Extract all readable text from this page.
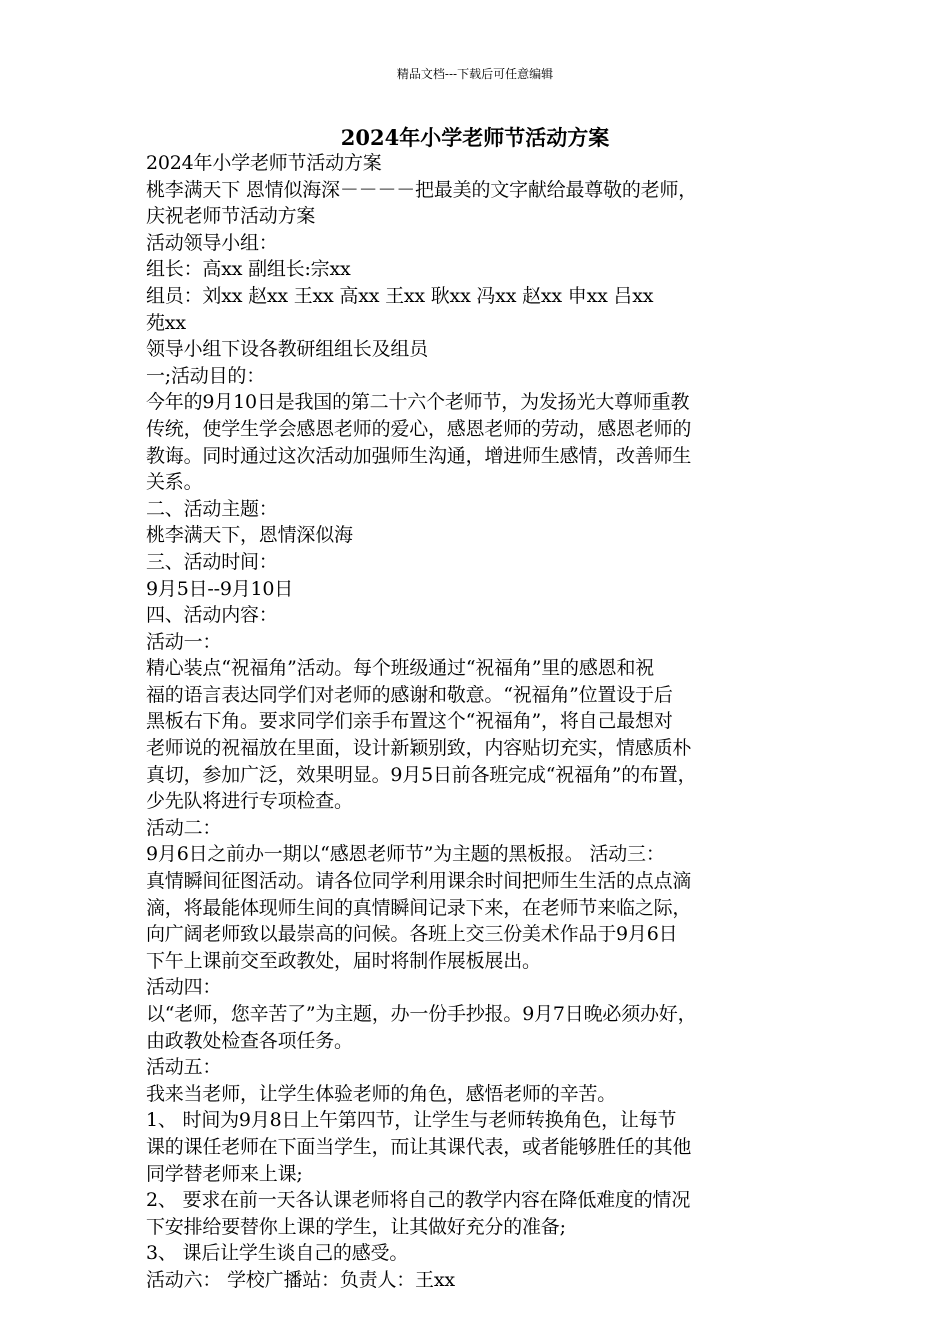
精品文档---下载后可任意编辑
2024年小学老师节活动方案
2024年小学老师节活动方案
桃李满天下 恩情似海深－－－－把最美的文字献给最尊敬的老师，
庆祝老师节活动方案
活动领导小组：
组长：高xx 副组长:宗xx
组员：刘xx 赵xx 王xx 高xx 王xx 耿xx 冯xx 赵xx 申xx 吕xx
苑xx
领导小组下设各教研组组长及组员
一;活动目的：
今年的9月10日是我国的第二十六个老师节，为发扬光大尊师重教
传统，使学生学会感恩老师的爱心，感恩老师的劳动，感恩老师的
教诲。同时通过这次活动加强师生沟通，增进师生感情，改善师生
关系。
二、活动主题：
桃李满天下，恩情深似海
三、活动时间：
9月5日--9月10日
四、活动内容：
活动一：
精心装点“祝福角”活动。每个班级通过“祝福角”里的感恩和祝
福的语言表达同学们对老师的感谢和敬意。“祝福角”位置设于后
黑板右下角。要求同学们亲手布置这个“祝福角”，将自己最想对
老师说的祝福放在里面，设计新颖别致，内容贴切充实，情感质朴
真切，参加广泛，效果明显。9月5日前各班完成“祝福角”的布置，
少先队将进行专项检查。
活动二：
9月6日之前办一期以“感恩老师节”为主题的黑板报。 活动三：
真情瞬间征图活动。请各位同学利用课余时间把师生生活的点点滴
滴，将最能体现师生间的真情瞬间记录下来，在老师节来临之际，
向广阔老师致以最崇高的问候。各班上交三份美术作品于9月6日
下午上课前交至政教处，届时将制作展板展出。
活动四：
以“老师，您辛苦了”为主题，办一份手抄报。9月7日晚必须办好，
由政教处检查各项任务。
活动五：
我来当老师，让学生体验老师的角色，感悟老师的辛苦。
1、 时间为9月8日上午第四节，让学生与老师转换角色，让每节
课的课任老师在下面当学生，而让其课代表，或者能够胜任的其他
同学替老师来上课;
2、 要求在前一天各认课老师将自己的教学内容在降低难度的情况
下安排给要替你上课的学生，让其做好充分的准备;
3、 课后让学生谈自己的感受。
活动六： 学校广播站：负责人：王xx
